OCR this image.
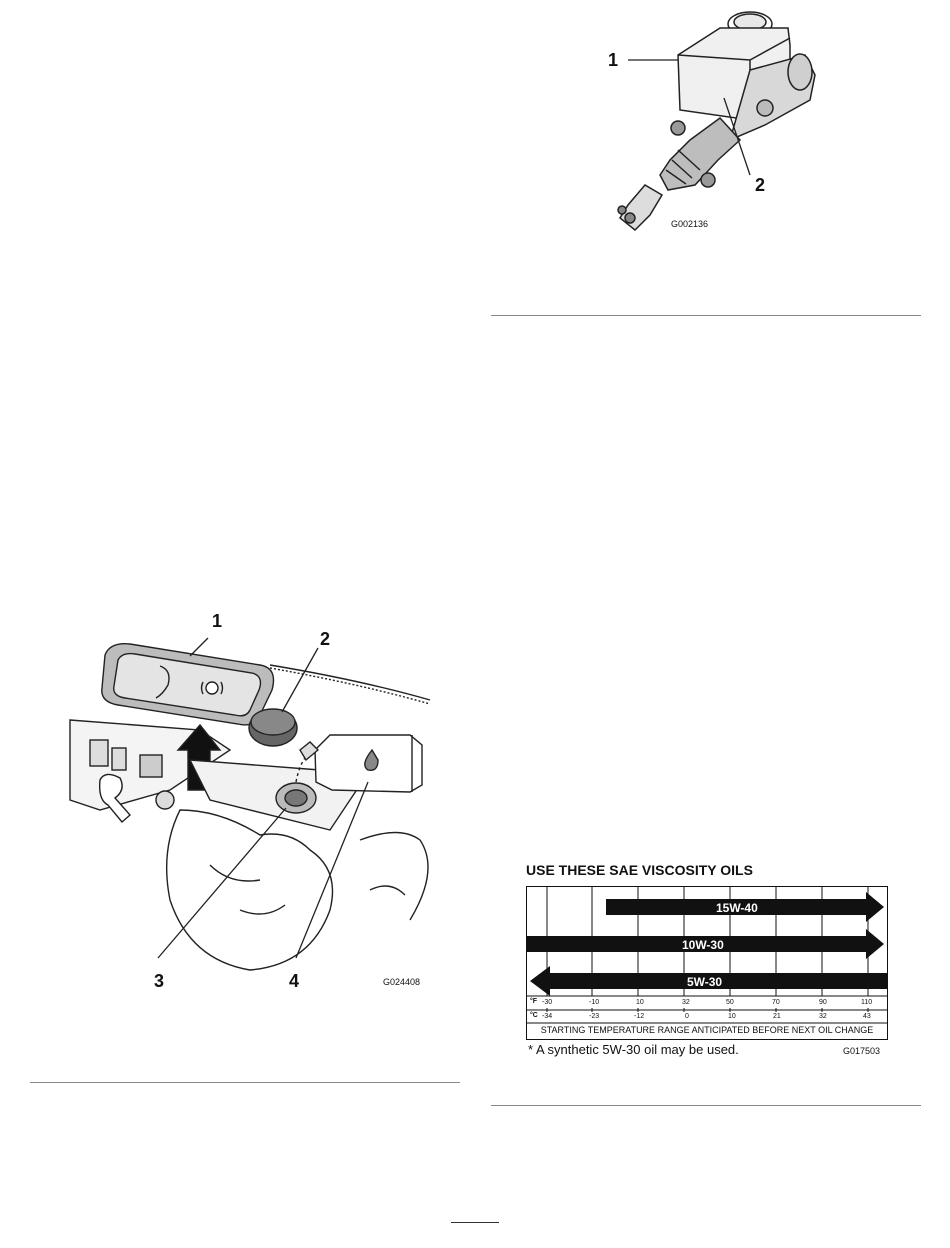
1
2
G002136
1
2
3	4	G024408
USE THESE SAE VISCOSITY OILS
15W-40
10W-30
5W-30
°F -30	-10	10	32	50	70	90	110
°C -34	-23	-12	0	10	21	32	43
STARTING TEMPERATURE RANGE ANTICIPATED BEFORE NEXT OIL CHANGE
* A synthetic 5W-30 oil may be used.	G017503
